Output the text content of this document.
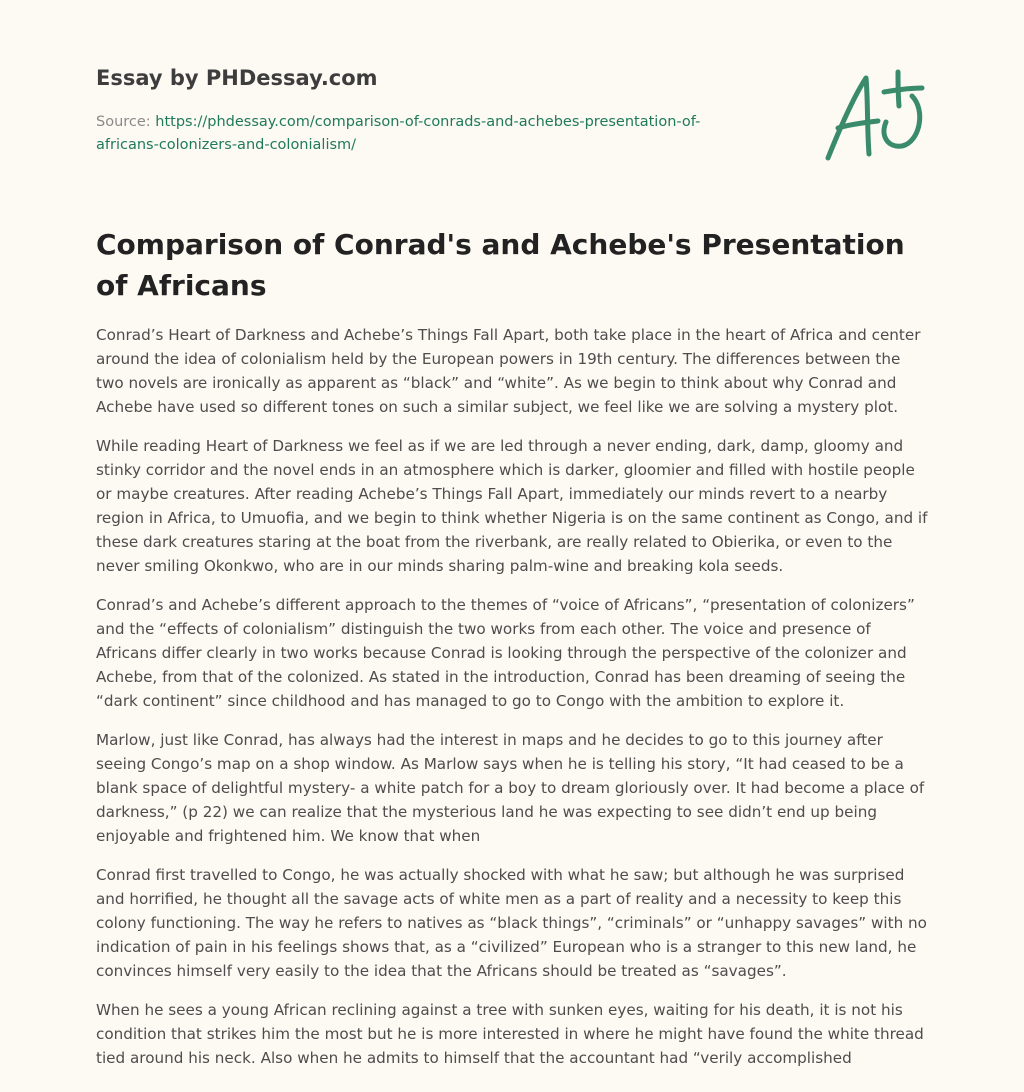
Essay by PHDessay.com
Source: https://phdessay.com/comparison-of-conrads-and-achebes-presentation-of-
africans-colonizers-and-colonialism/
Comparison of Conrad's and Achebe's Presentation of Africans

Conrad’s Heart of Darkness and Achebe’s Things Fall Apart, both take place in the heart of Africa and center around the idea of colonialism held by the European powers in 19th century. The differences between the two novels are ironically as apparent as “black” and “white”. As we begin to think about why Conrad and Achebe have used so different tones on such a similar subject, we feel like we are solving a mystery plot.

While reading Heart of Darkness we feel as if we are led through a never ending, dark, damp, gloomy and stinky corridor and the novel ends in an atmosphere which is darker, gloomier and filled with hostile people or maybe creatures. After reading Achebe’s Things Fall Apart, immediately our minds revert to a nearby region in Africa, to Umuofia, and we begin to think whether Nigeria is on the same continent as Congo, and if these dark creatures staring at the boat from the riverbank, are really related to Obierika, or even to the never smiling Okonkwo, who are in our minds sharing palm-wine and breaking kola seeds.

Conrad’s and Achebe’s different approach to the themes of “voice of Africans”, “presentation of colonizers” and the “effects of colonialism” distinguish the two works from each other. The voice and presence of Africans differ clearly in two works because Conrad is looking through the perspective of the colonizer and Achebe, from that of the colonized. As stated in the introduction, Conrad has been dreaming of seeing the “dark continent” since childhood and has managed to go to Congo with the ambition to explore it.

Marlow, just like Conrad, has always had the interest in maps and he decides to go to this journey after seeing Congo’s map on a shop window. As Marlow says when he is telling his story, “It had ceased to be a blank space of delightful mystery- a white patch for a boy to dream gloriously over. It had become a place of darkness,” (p 22) we can realize that the mysterious land he was expecting to see didn’t end up being enjoyable and frightened him. We know that when

Conrad first travelled to Congo, he was actually shocked with what he saw; but although he was surprised and horrified, he thought all the savage acts of white men as a part of reality and a necessity to keep this colony functioning. The way he refers to natives as “black things”, “criminals” or “unhappy savages” with no indication of pain in his feelings shows that, as a “civilized” European who is a stranger to this new land, he convinces himself very easily to the idea that the Africans should be treated as “savages”.

When he sees a young African reclining against a tree with sunken eyes, waiting for his death, it is not his condition that strikes him the most but he is more interested in where he might have found the white thread tied around his neck. Also when he admits to himself that the accountant had “verily accomplished
